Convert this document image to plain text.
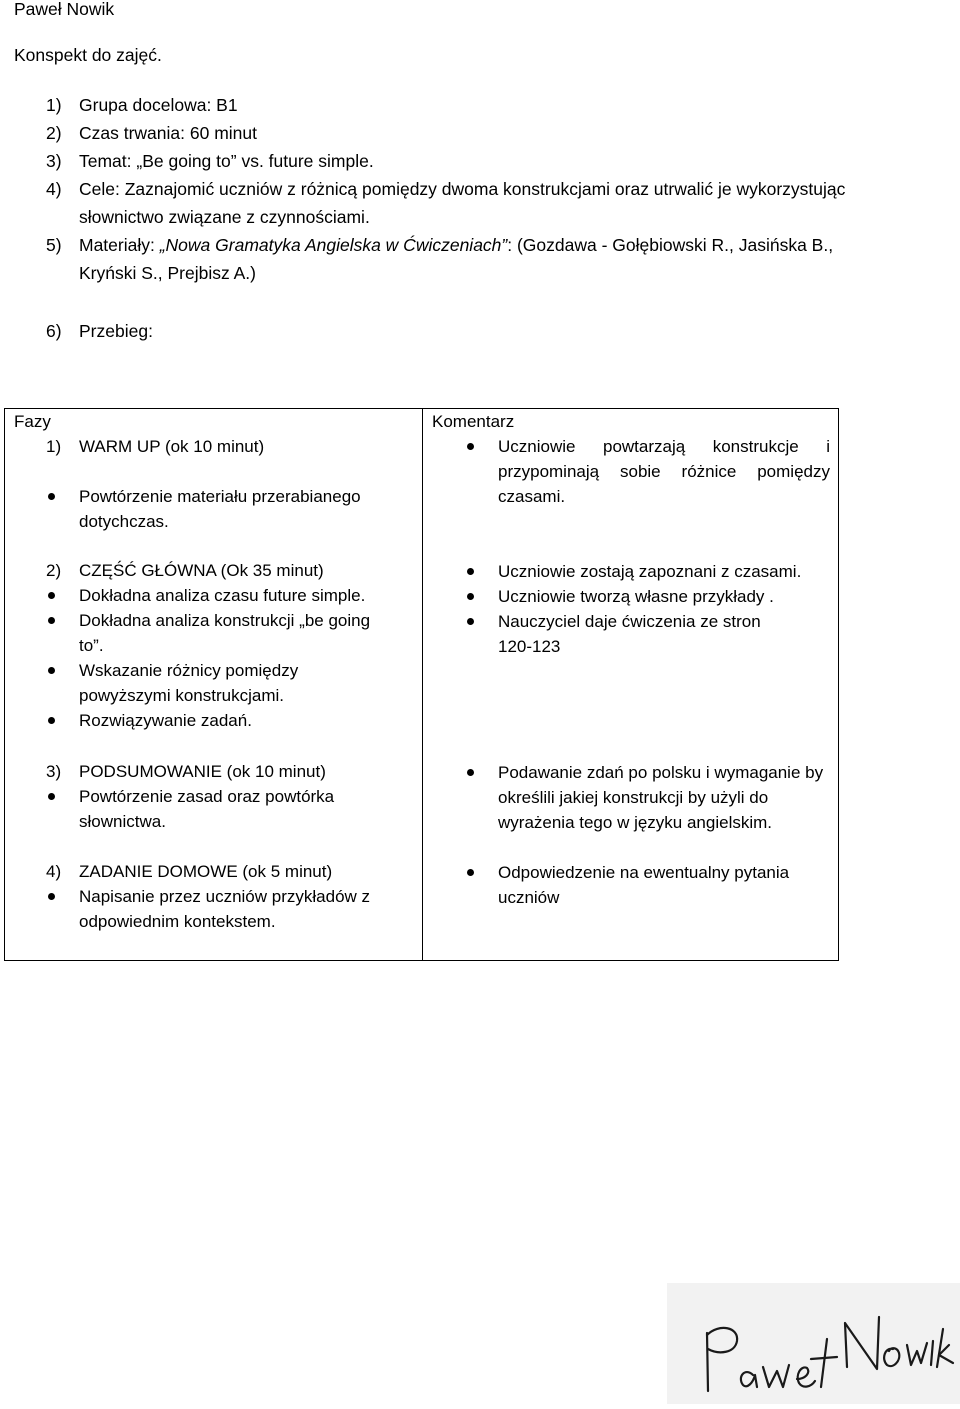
Paweł Nowik
Konspekt do zajęć.
1) Grupa docelowa: B1
2) Czas trwania: 60 minut
3) Temat: „Be going to” vs. future simple.
4) Cele: Zaznajomić uczniów z różnicą pomiędzy dwoma konstrukcjami oraz utrwalić je wykorzystując słownictwo związane z czynnościami.
5) Materiały: „Nowa Gramatyka Angielska w Ćwiczeniach”: (Gozdawa - Gołębiowski R., Jasińska B., Kryński S., Prejbisz A.)
6) Przebieg:
Fazy	Komentarz
1) WARM UP (ok 10 minut)
Powtórzenie materiału przerabianego dotychczas.
Uczniowie powtarzają konstrukcje i przypominają sobie różnice pomiędzy czasami.
2) CZĘŚĆ GŁÓWNA (Ok 35 minut)
Dokładna analiza czasu future simple.
Dokładna analiza konstrukcji „be going to”.
Wskazanie różnicy pomiędzy powyższymi konstrukcjami.
Rozwiązywanie zadań.
Uczniowie zostają zapoznani z czasami.
Uczniowie tworzą własne przykłady .
Nauczyciel daje ćwiczenia ze stron 120-123
3) PODSUMOWANIE (ok 10 minut)
Powtórzenie zasad oraz powtórka słownictwa.
Podawanie zdań po polsku i wymaganie by określili jakiej konstrukcji by użyli do wyrażenia tego w języku angielskim.
4) ZADANIE DOMOWE (ok 5 minut)
Napisanie przez uczniów przykładów z odpowiednim kontekstem.
Odpowiedzenie na ewentualny pytania uczniów
